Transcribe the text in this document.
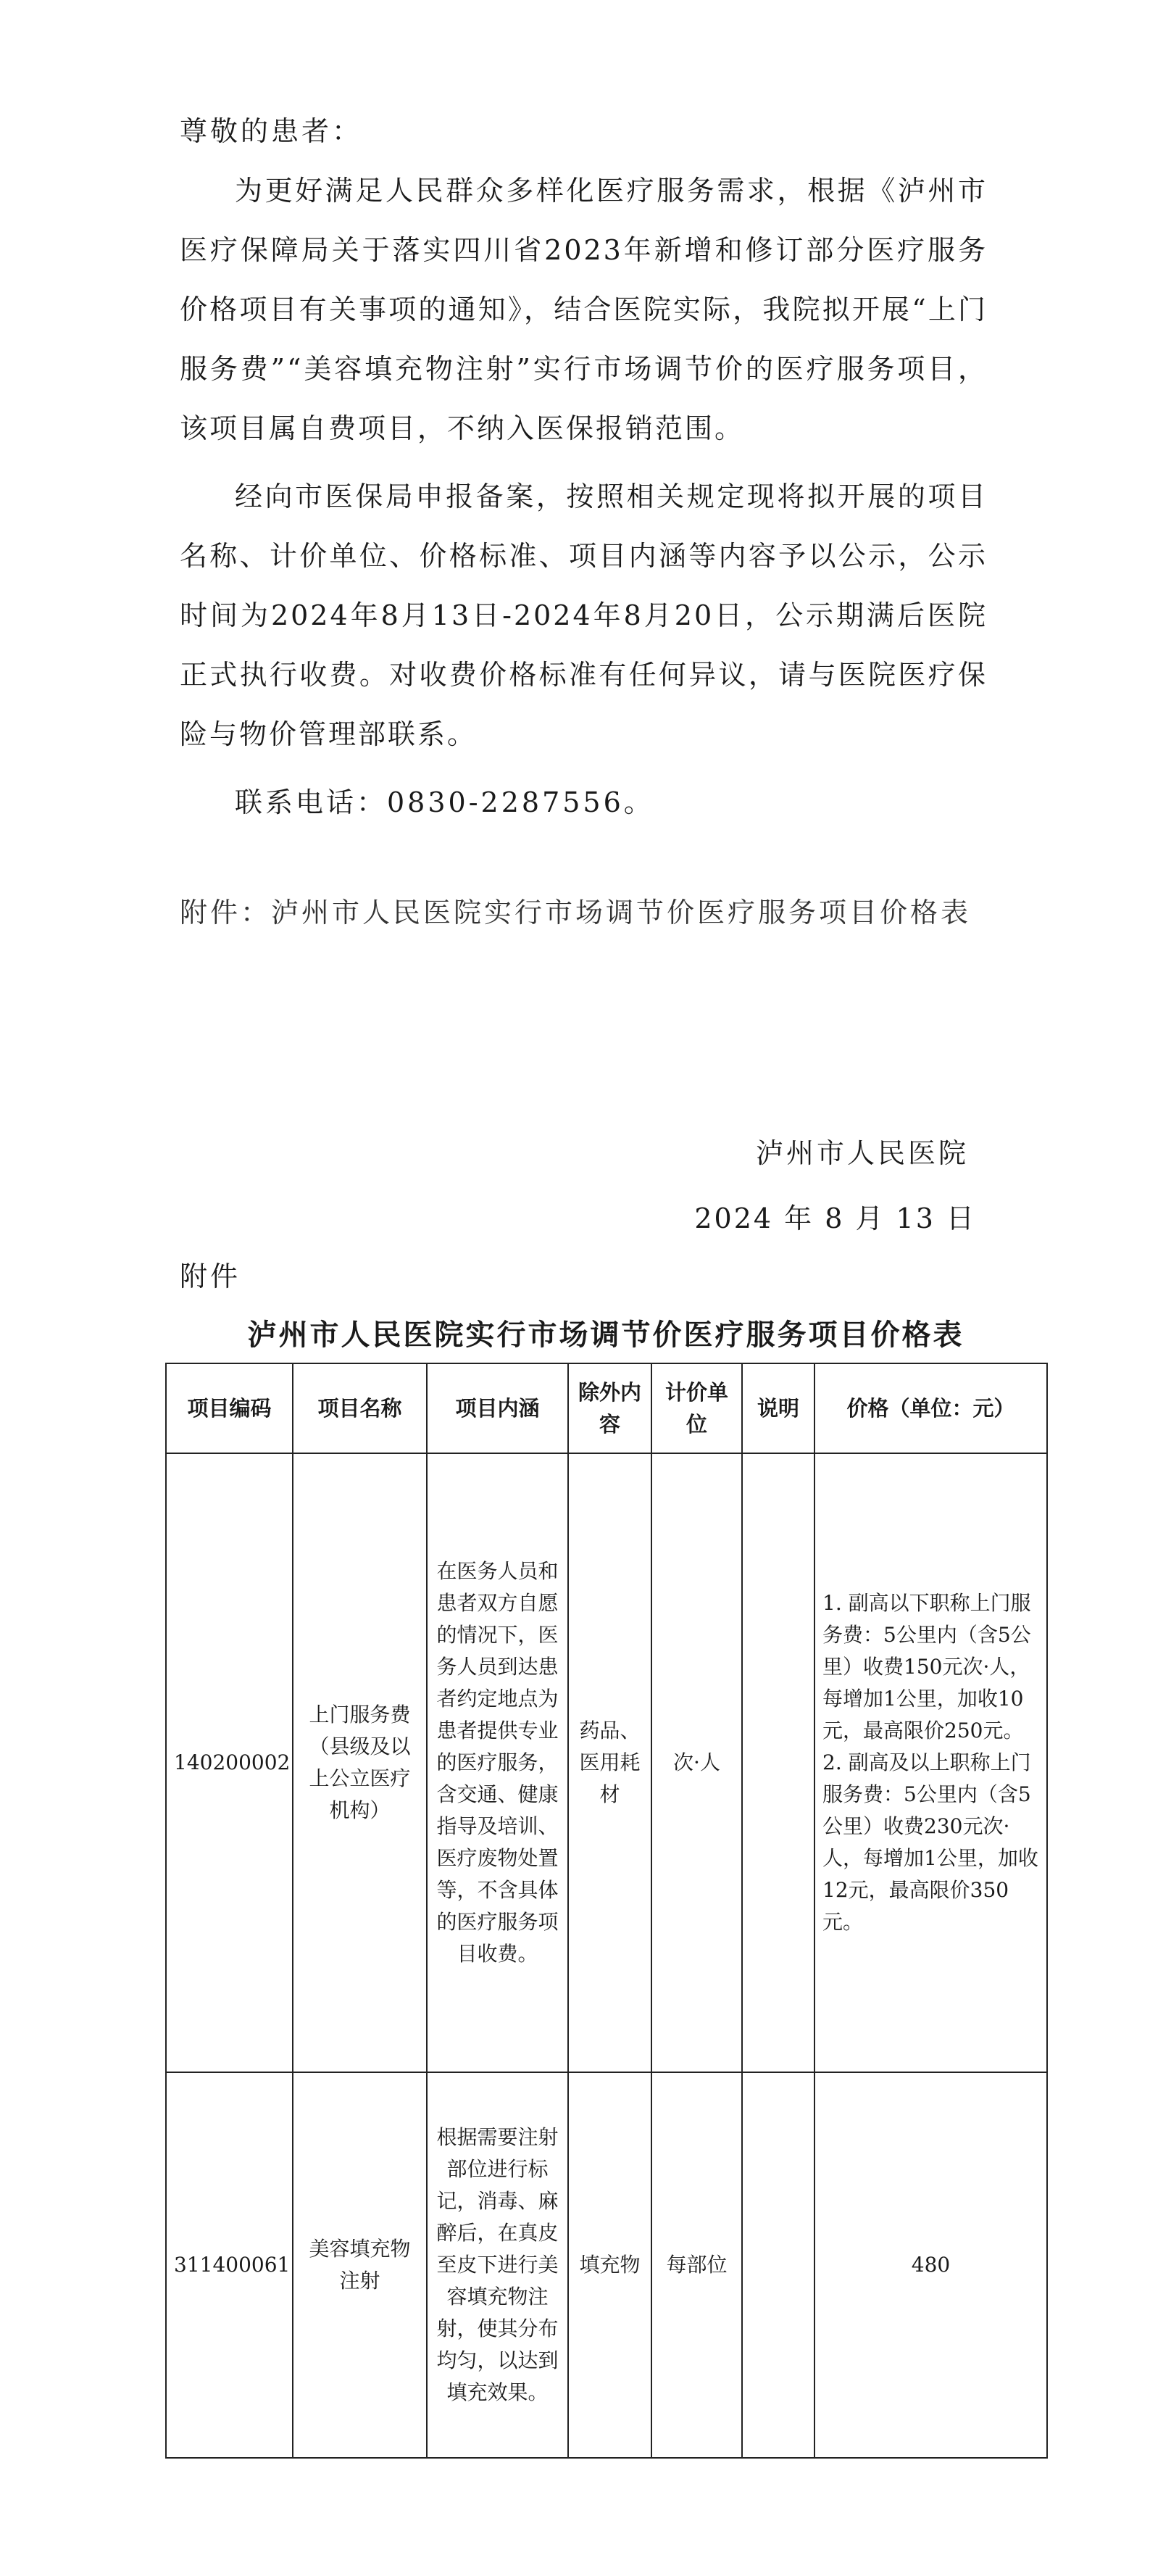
尊敬的患者：

为更好满足人民群众多样化医疗服务需求，根据《泸州市医疗保障局关于落实四川省2023年新增和修订部分医疗服务价格项目有关事项的通知》，结合医院实际，我院拟开展“上门服务费”“美容填充物注射”实行市场调节价的医疗服务项目，该项目属自费项目，不纳入医保报销范围。

经向市医保局申报备案，按照相关规定现将拟开展的项目名称、计价单位、价格标准、项目内涵等内容予以公示，公示时间为2024年8月13日-2024年8月20日，公示期满后医院正式执行收费。对收费价格标准有任何异议，请与医院医疗保险与物价管理部联系。

联系电话：0830-2287556。
附件：泸州市人民医院实行市场调节价医疗服务项目价格表
泸州市人民医院
2024 年 8 月 13 日
附件
泸州市人民医院实行市场调节价医疗服务项目价格表
项目编码	项目名称	项目内涵	除外内容	计价单位	说明	价格（单位：元）
140200002	上门服务费（县级及以上公立医疗机构）	在医务人员和患者双方自愿的情况下，医务人员到达患者约定地点为患者提供专业的医疗服务，含交通、健康指导及培训、医疗废物处置等，不含具体的医疗服务项目收费。	药品、医用耗材	次·人		1. 副高以下职称上门服务费：5公里内（含5公里）收费150元次·人，每增加1公里，加收10元，最高限价250元。

2. 副高及以上职称上门服务费：5公里内（含5公里）收费230元次·人，每增加1公里，加收12元，最高限价350元。

311400061	美容填充物注射	根据需要注射部位进行标记，消毒、麻醉后，在真皮至皮下进行美容填充物注射，使其分布均匀，以达到填充效果。	填充物	每部位		480
